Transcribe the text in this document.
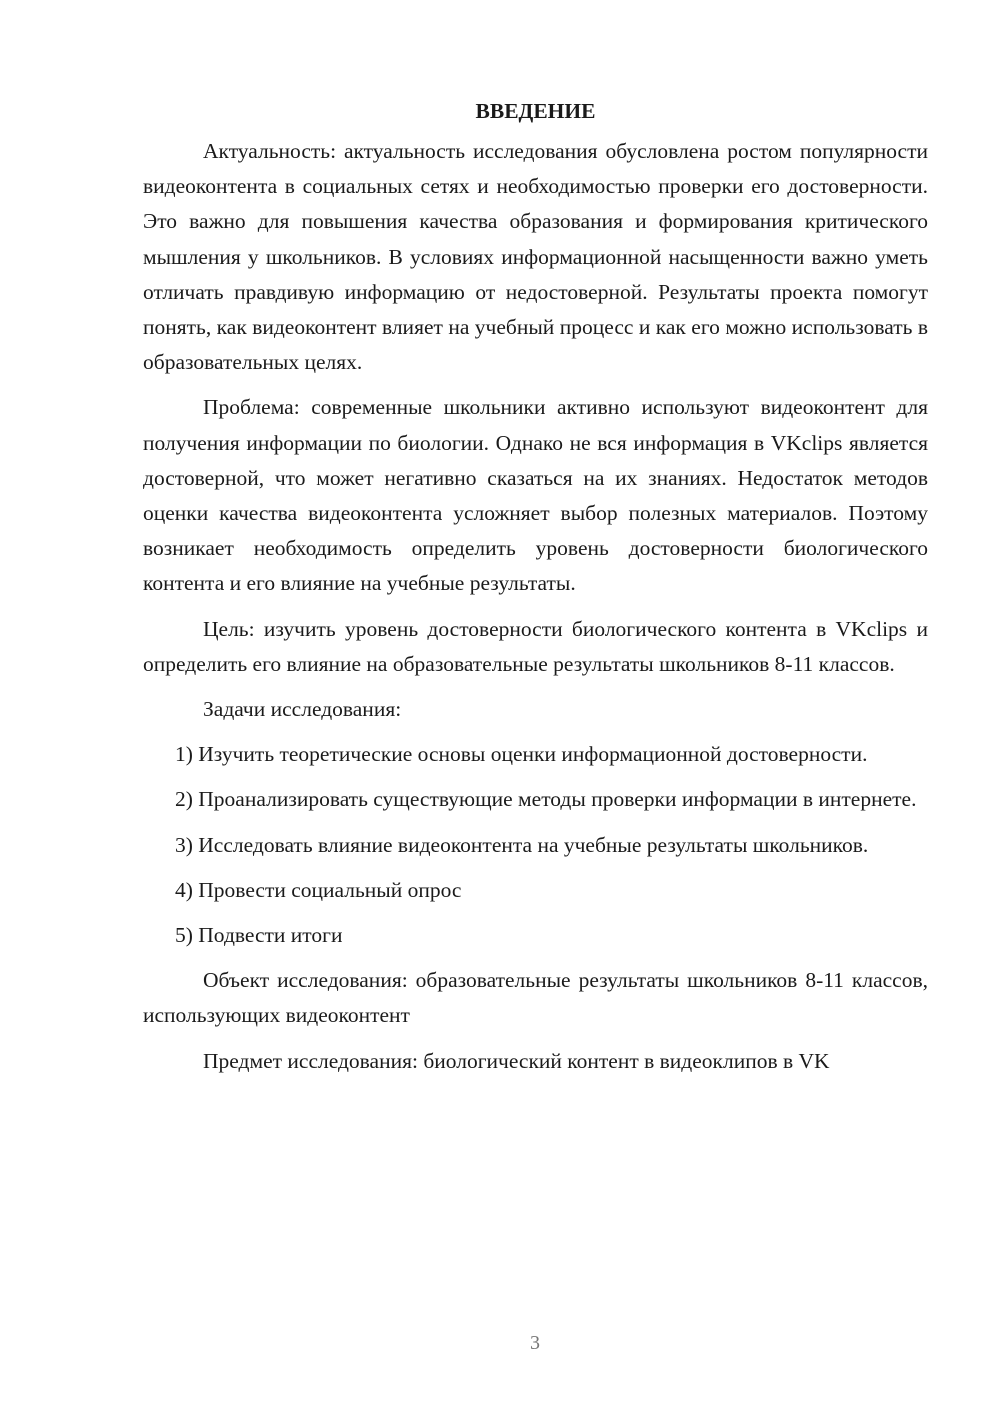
ВВЕДЕНИЕ

Актуальность: актуальность исследования обусловлена ростом популярности видеоконтента в социальных сетях и необходимостью проверки его достоверности. Это важно для повышения качества образования и формирования критического мышления у школьников. В условиях информационной насыщенности важно уметь отличать правдивую информацию от недостоверной. Результаты проекта помогут понять, как видеоконтент влияет на учебный процесс и как его можно использовать в образовательных целях.

Проблема: современные школьники активно используют видеоконтент для получения информации по биологии. Однако не вся информация в VKclips является достоверной, что может негативно сказаться на их знаниях. Недостаток методов оценки качества видеоконтента усложняет выбор полезных материалов. Поэтому возникает необходимость определить уровень достоверности биологического контента и его влияние на учебные результаты.

Цель: изучить уровень достоверности биологического контента в VKclips и определить его влияние на образовательные результаты школьников 8-11 классов.

Задачи исследования:

1) Изучить теоретические основы оценки информационной достоверности.

2) Проанализировать существующие методы проверки информации в интернете.

3) Исследовать влияние видеоконтента на учебные результаты школьников.

4) Провести социальный опрос

5) Подвести итоги

Объект исследования: образовательные результаты школьников 8-11 классов, использующих видеоконтент

Предмет исследования: биологический контент в видеоклипов в VK

3
